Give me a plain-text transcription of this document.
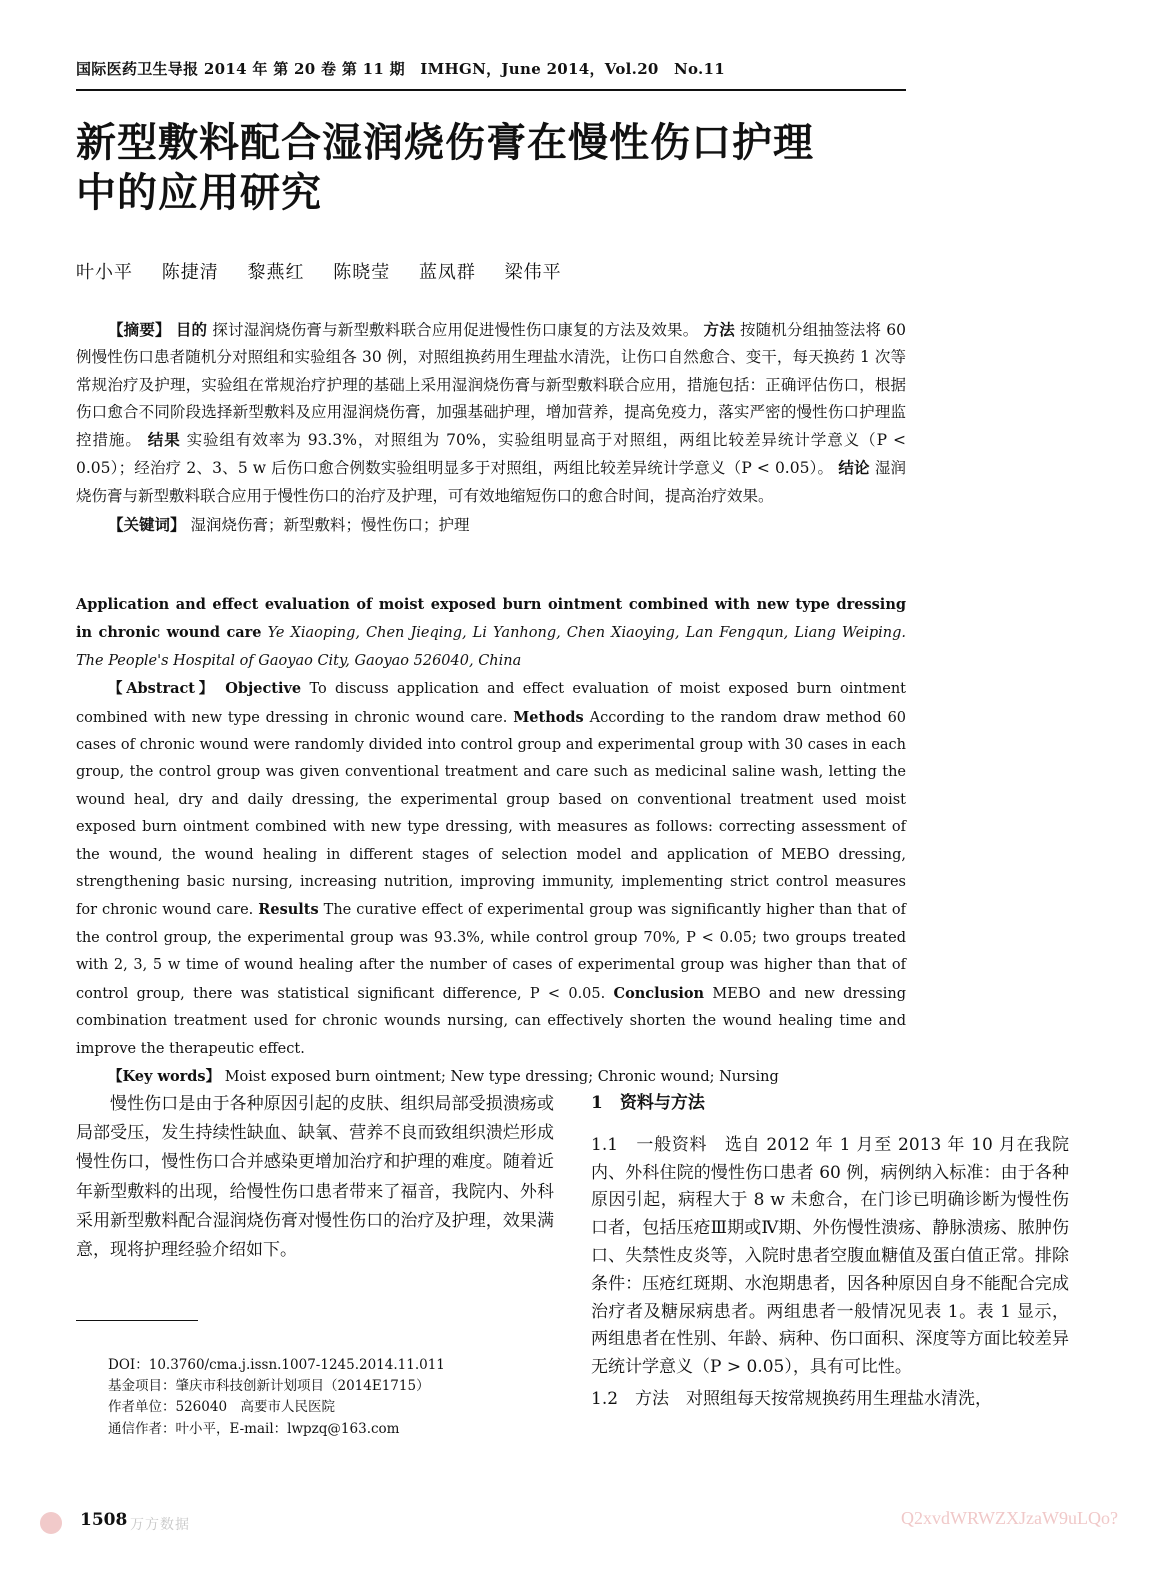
国际医药卫生导报 2014 年 第 20 卷 第 11 期　IMHGN，June 2014，Vol.20　No.11
新型敷料配合湿润烧伤膏在慢性伤口护理
中的应用研究
叶小平 陈捷清 黎燕红 陈晓莹 蓝凤群 梁伟平

【摘要】 目的 探讨湿润烧伤膏与新型敷料联合应用促进慢性伤口康复的方法及效果。 方法 按随机分组抽签法将 60 例慢性伤口患者随机分对照组和实验组各 30 例，对照组换药用生理盐水清洗，让伤口自然愈合、变干，每天换药 1 次等常规治疗及护理，实验组在常规治疗护理的基础上采用湿润烧伤膏与新型敷料联合应用，措施包括：正确评估伤口，根据伤口愈合不同阶段选择新型敷料及应用湿润烧伤膏，加强基础护理，增加营养，提高免疫力，落实严密的慢性伤口护理监控措施。 结果 实验组有效率为 93.3%，对照组为 70%，实验组明显高于对照组，两组比较差异统计学意义（P < 0.05）；经治疗 2、3、5 w 后伤口愈合例数实验组明显多于对照组，两组比较差异统计学意义（P < 0.05）。 结论 湿润烧伤膏与新型敷料联合应用于慢性伤口的治疗及护理，可有效地缩短伤口的愈合时间，提高治疗效果。

【关键词】 湿润烧伤膏；新型敷料；慢性伤口；护理

Application and effect evaluation of moist exposed burn ointment combined with new type dressing in chronic wound care Ye Xiaoping, Chen Jieqing, Li Yanhong, Chen Xiaoying, Lan Fengqun, Liang Weiping. The People's Hospital of Gaoyao City, Gaoyao 526040, China

【Abstract】 Objective To discuss application and effect evaluation of moist exposed burn ointment combined with new type dressing in chronic wound care. Methods According to the random draw method 60 cases of chronic wound were randomly divided into control group and experimental group with 30 cases in each group, the control group was given conventional treatment and care such as medicinal saline wash, letting the wound heal, dry and daily dressing, the experimental group based on conventional treatment used moist exposed burn ointment combined with new type dressing, with measures as follows: correcting assessment of the wound, the wound healing in different stages of selection model and application of MEBO dressing, strengthening basic nursing, increasing nutrition, improving immunity, implementing strict control measures for chronic wound care. Results The curative effect of experimental group was significantly higher than that of the control group, the experimental group was 93.3%, while control group 70%, P < 0.05; two groups treated with 2, 3, 5 w time of wound healing after the number of cases of experimental group was higher than that of control group, there was statistical significant difference, P < 0.05. Conclusion MEBO and new dressing combination treatment used for chronic wounds nursing, can effectively shorten the wound healing time and improve the therapeutic effect.

【Key words】 Moist exposed burn ointment; New type dressing; Chronic wound; Nursing

慢性伤口是由于各种原因引起的皮肤、组织局部受损溃疡或局部受压，发生持续性缺血、缺氧、营养不良而致组织溃烂形成慢性伤口，慢性伤口合并感染更增加治疗和护理的难度。随着近年新型敷料的出现，给慢性伤口患者带来了福音，我院内、外科采用新型敷料配合湿润烧伤膏对慢性伤口的治疗及护理，效果满意，现将护理经验介绍如下。

DOI：10.3760/cma.j.issn.1007-1245.2014.11.011
基金项目：肇庆市科技创新计划项目（2014E1715）
作者单位：526040　高要市人民医院
通信作者：叶小平，E-mail：lwpzq@163.com

1　资料与方法

1.1　一般资料　 选自 2012 年 1 月至 2013 年 10 月在我院内、外科住院的慢性伤口患者 60 例，病例纳入标准：由于各种原因引起，病程大于 8 w 未愈合，在门诊已明确诊断为慢性伤口者，包括压疮Ⅲ期或Ⅳ期、外伤慢性溃疡、静脉溃疡、脓肿伤口、失禁性皮炎等，入院时患者空腹血糖值及蛋白值正常。排除条件：压疮红斑期、水泡期患者，因各种原因自身不能配合完成治疗者及糖尿病患者。两组患者一般情况见表 1。表 1 显示，两组患者在性别、年龄、病种、伤口面积、深度等方面比较差异无统计学意义（P > 0.05），具有可比性。

1.2　方法　 对照组每天按常规换药用生理盐水清洗，

1508 万方数据	Q2xvdWRWZXJzaW9uLQo?
